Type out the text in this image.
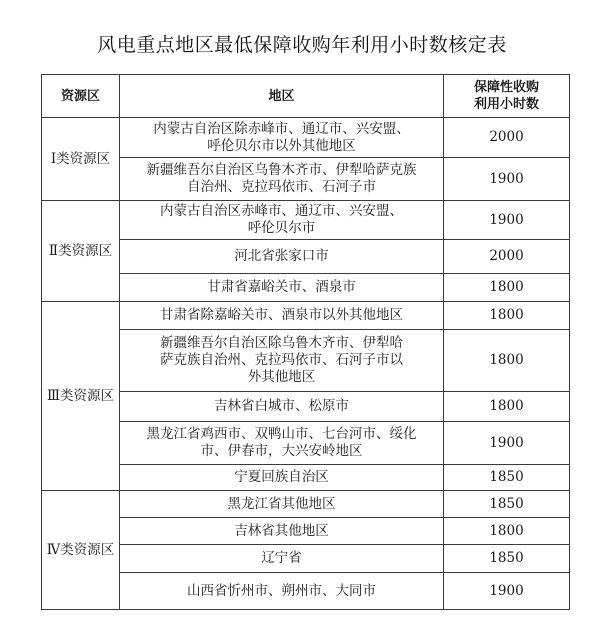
风电重点地区最低保障收购年利用小时数核定表
资源区	地区	保障性收购
利用小时数

Ⅰ类资源区	内蒙古自治区除赤峰市、通辽市、兴安盟、
呼伦贝尔市以外其他地区	2000

	新疆维吾尔自治区乌鲁木齐市、伊犁哈萨克族
自治州、克拉玛依市、石河子市	1900
Ⅱ类资源区	内蒙古自治区赤峰市、通辽市、兴安盟、
呼伦贝尔市	1900

	河北省张家口市	2000

	甘肃省嘉峪关市、酒泉市	1800
Ⅲ类资源区	甘肃省除嘉峪关市、酒泉市以外其他地区	1800

	新疆维吾尔自治区除乌鲁木齐市、伊犁哈
萨克族自治州、克拉玛依市、石河子市以
外其他地区	1800

	吉林省白城市、松原市	1800

	黑龙江省鸡西市、双鸭山市、七台河市、绥化
市、伊春市，大兴安岭地区	1900

	宁夏回族自治区	1850
Ⅳ类资源区	黑龙江省其他地区	1850

	吉林省其他地区	1800

	辽宁省	1850

	山西省忻州市、朔州市、大同市	1900
